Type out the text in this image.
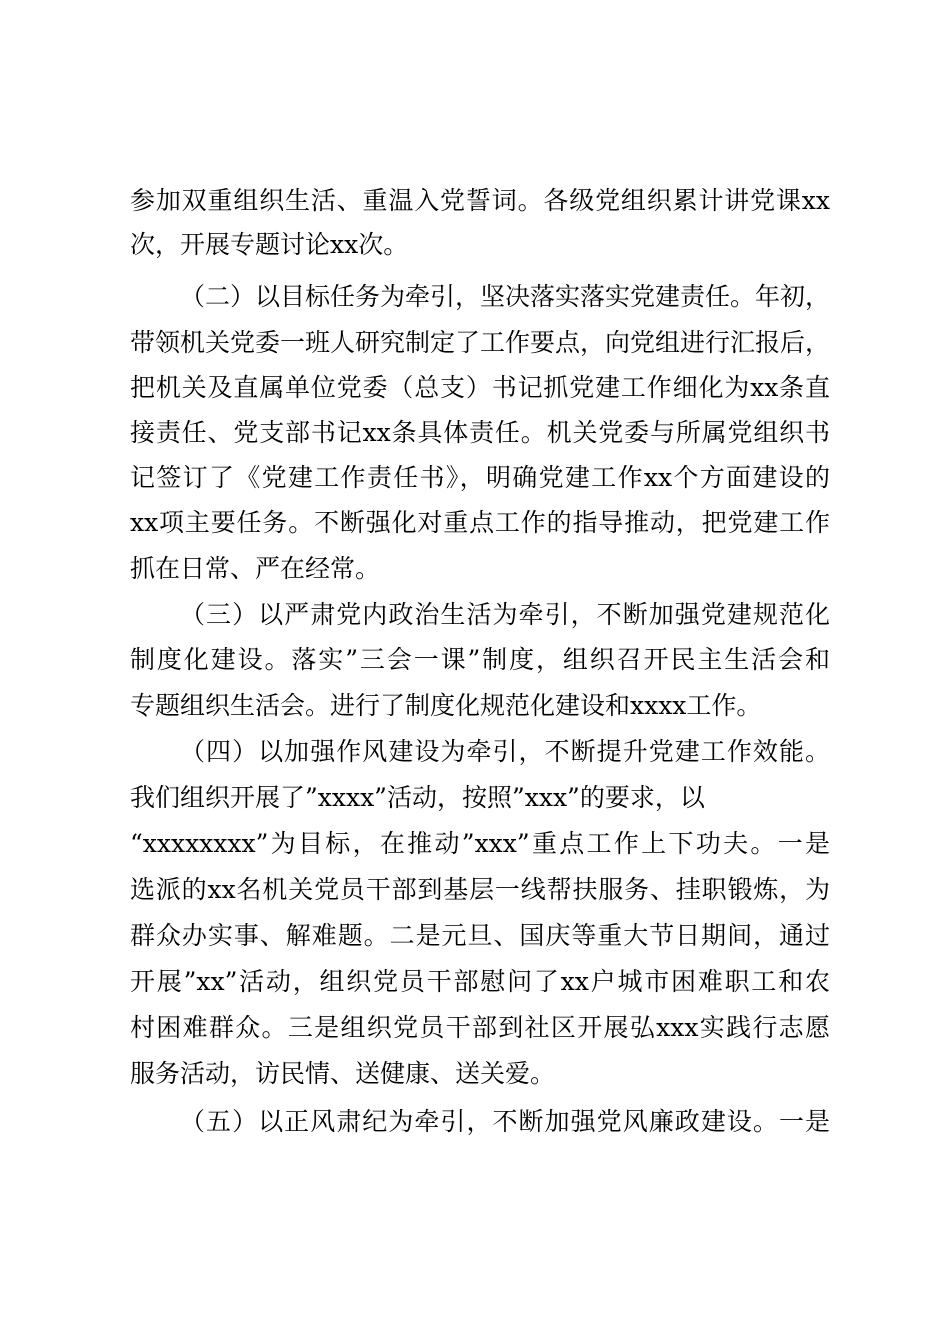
参加双重组织生活、重温入党誓词。各级党组织累计讲党课xx
次，开展专题讨论xx次。
（二）以目标任务为牵引，坚决落实落实党建责任。年初，
带领机关党委一班人研究制定了工作要点，向党组进行汇报后，
把机关及直属单位党委（总支）书记抓党建工作细化为xx条直
接责任、党支部书记xx条具体责任。机关党委与所属党组织书
记签订了《党建工作责任书》，明确党建工作xx个方面建设的
xx项主要任务。不断强化对重点工作的指导推动，把党建工作
抓在日常、严在经常。
（三）以严肃党内政治生活为牵引，不断加强党建规范化
制度化建设。落实”三会一课”制度，组织召开民主生活会和
专题组织生活会。进行了制度化规范化建设和xxxx工作。
（四）以加强作风建设为牵引，不断提升党建工作效能。
我们组织开展了”xxxx”活动，按照”xxx”的要求，以
“xxxxxxxx”为目标，在推动”xxx”重点工作上下功夫。一是
选派的xx名机关党员干部到基层一线帮扶服务、挂职锻炼，为
群众办实事、解难题。二是元旦、国庆等重大节日期间，通过
开展”xx”活动，组织党员干部慰问了xx户城市困难职工和农
村困难群众。三是组织党员干部到社区开展弘xxx实践行志愿
服务活动，访民情、送健康、送关爱。
（五）以正风肃纪为牵引，不断加强党风廉政建设。一是
